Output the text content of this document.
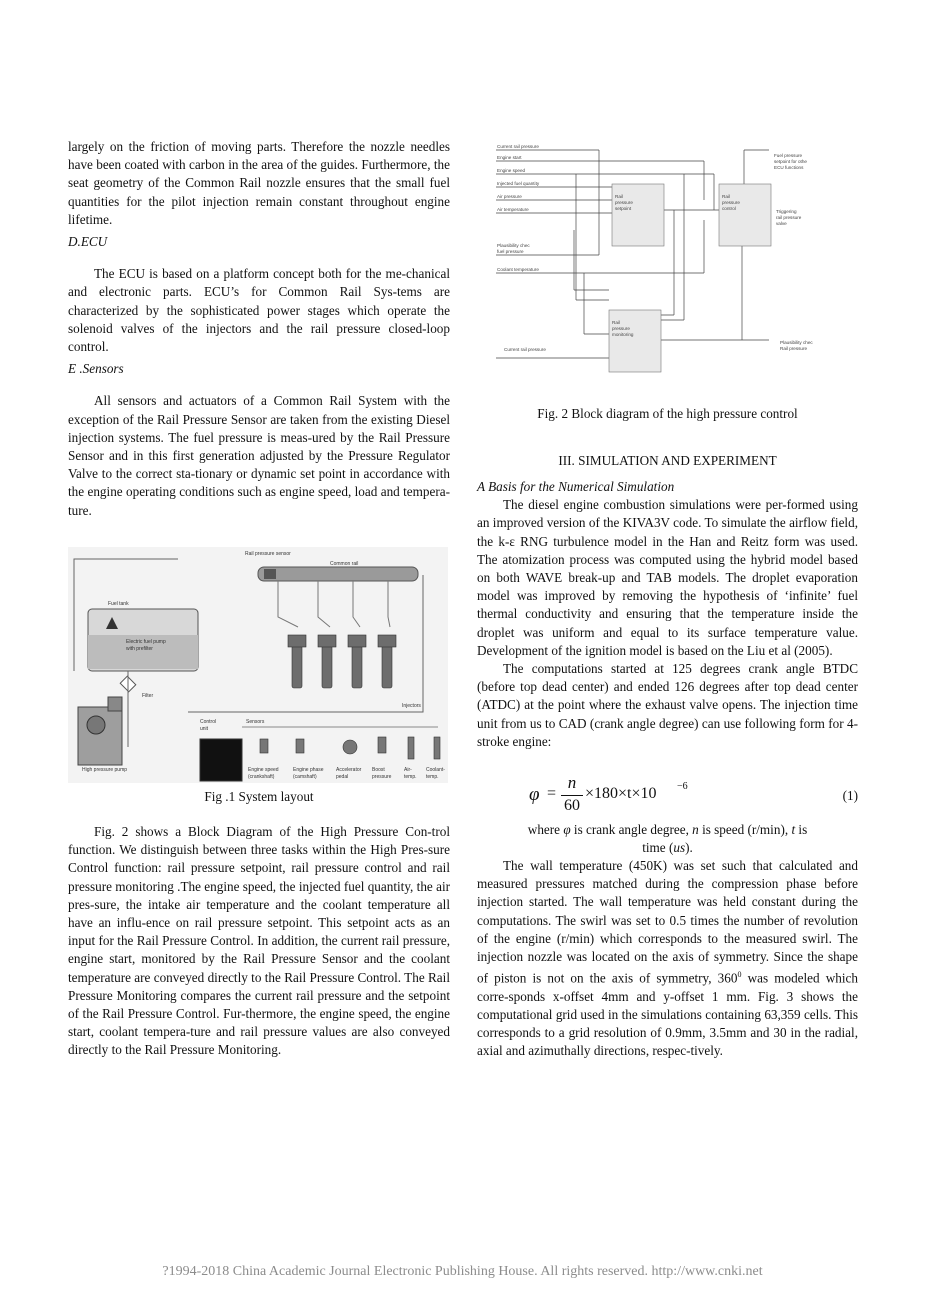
largely on the friction of moving parts. Therefore the nozzle needles have been coated with carbon in the area of the guides. Furthermore, the seat geometry of the Common Rail nozzle ensures that the small fuel quantities for the pilot injection remain constant throughout engine lifetime.

D.ECU

The ECU is based on a platform concept both for the me-chanical and electronic parts. ECU’s for Common Rail Sys-tems are characterized by the sophisticated power stages which operate the solenoid valves of the injectors and the rail pressure closed-loop control.

E .Sensors

All sensors and actuators of a Common Rail System with the exception of the Rail Pressure Sensor are taken from the existing Diesel injection systems. The fuel pressure is meas-ured by the Rail Pressure Sensor and in this first generation adjusted by the Pressure Regulator Valve to the correct sta-tionary or dynamic set point in accordance with the engine operating conditions such as engine speed, load and tempera-ture.

Rail pressure sensor
Common rail
Injectors
Fuel tank
Electric fuel pump
with prefilter
Filter
High pressure pump
Control
unit
Sensors
Engine speed
(crankshaft)
Engine phase
(camshaft)
Accelerator
pedal
Boost
pressure
Air-
temp.
Coolant-
temp.
Fig .1 System layout

Fig. 2 shows a Block Diagram of the High Pressure Con-trol function. We distinguish between three tasks within the High Pres-sure Control function: rail pressure setpoint, rail pressure control and rail pressure monitoring .The engine speed, the injected fuel quantity, the air pres-sure, the intake air temperature and the coolant temperature all have an influ-ence on rail pressure setpoint. This setpoint acts as an input for the Rail Pressure Control. In addition, the current rail pressure, engine start, monitored by the Rail Pressure Sensor and the coolant temperature are conveyed directly to the Rail Pressure Control. The Rail Pressure Monitoring compares the current rail pressure and the setpoint of the Rail Pressure Control. Fur-thermore, the engine speed, the engine start, coolant tempera-ture and rail pressure values are also conveyed directly to the Rail Pressure Monitoring.

Rail
pressure
setpoint
Rail
pressure
control
Rail
pressure
monitoring
Current rail pressure
Engine start
Engine speed
Injected fuel quantity
Air pressure
Air temperature
Plausibility chec
fuel pressure
Coolant temperature
Current rail pressure
Fuel pressure
setpoint for othe
ECU functions
Triggering
rail pressure
valve
Plausibility chec
Rail pressure
Fig. 2 Block diagram of the high pressure control
III. SIMULATION AND EXPERIMENT

A Basis for the Numerical Simulation

The diesel engine combustion simulations were per-formed using an improved version of the KIVA3V code. To simulate the airflow field, the k-ε RNG turbulence model in the Han and Reitz form was used. The atomization process was computed using the hybrid model based on both WAVE break-up and TAB models. The droplet evaporation model was improved by removing the hypothesis of ‘infinite’ fuel thermal conductivity and ensuring that the temperature inside the droplet was uniform and equal to its surface temperature value. Development of the ignition model is based on the Liu et al (2005).

The computations started at 125 degrees crank angle BTDC (before top dead center) and ended 126 degrees after top dead center (ATDC) at the point where the exhaust valve opens. The injection time unit from us to CAD (crank angle degree) can use following form for 4-stroke engine:

φ =
n
60
×180×t×10 −6
(1)
where φ is crank angle degree, n is speed (r/min), t is
time (us).

The wall temperature (450K) was set such that calculated and measured pressures matched during the compression phase before injection started. The wall temperature was held constant during the computations. The swirl was set to 0.5 times the number of revolution of the engine (r/min) which corresponds to the measured swirl. The injection nozzle was located on the axis of symmetry. Since the shape of piston is not on the axis of symmetry, $360^0$ was modeled which corre-sponds x-offset 4mm and y-offset 1 mm. Fig. 3 shows the computational grid used in the simulations containing 63,359 cells. This corresponds to a grid resolution of 0.9mm, 3.5mm and 30 in the radial, axial and azimuthally directions, respec-tively.

?1994-2018 China Academic Journal Electronic Publishing House. All rights reserved. http://www.cnki.net
